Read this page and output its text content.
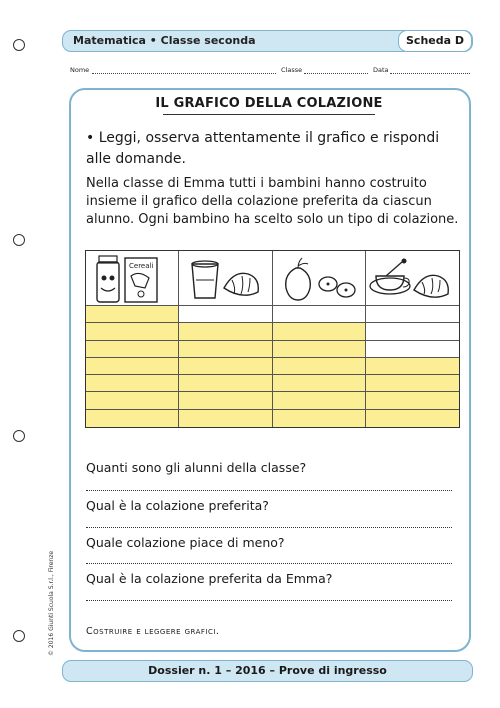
Matematica • Classe seconda	Scheda D
Nome	Classe	Data
IL GRAFICO DELLA COLAZIONE
• Leggi, osserva attentamente il grafico e rispondi alle domande.
Nella classe di Emma tutti i bambini hanno costruito insieme il grafico della colazione preferita da ciascun alunno. Ogni bambino ha scelto solo un tipo di colazione.
Cereali
Quanti sono gli alunni della classe?
Qual è la colazione preferita?
Quale colazione piace di meno?
Qual è la colazione preferita da Emma?
Costruire e leggere grafici.
Dossier n. 1 – 2016 – Prove di ingresso
© 2016 Giunti Scuola S.r.l., Firenze
